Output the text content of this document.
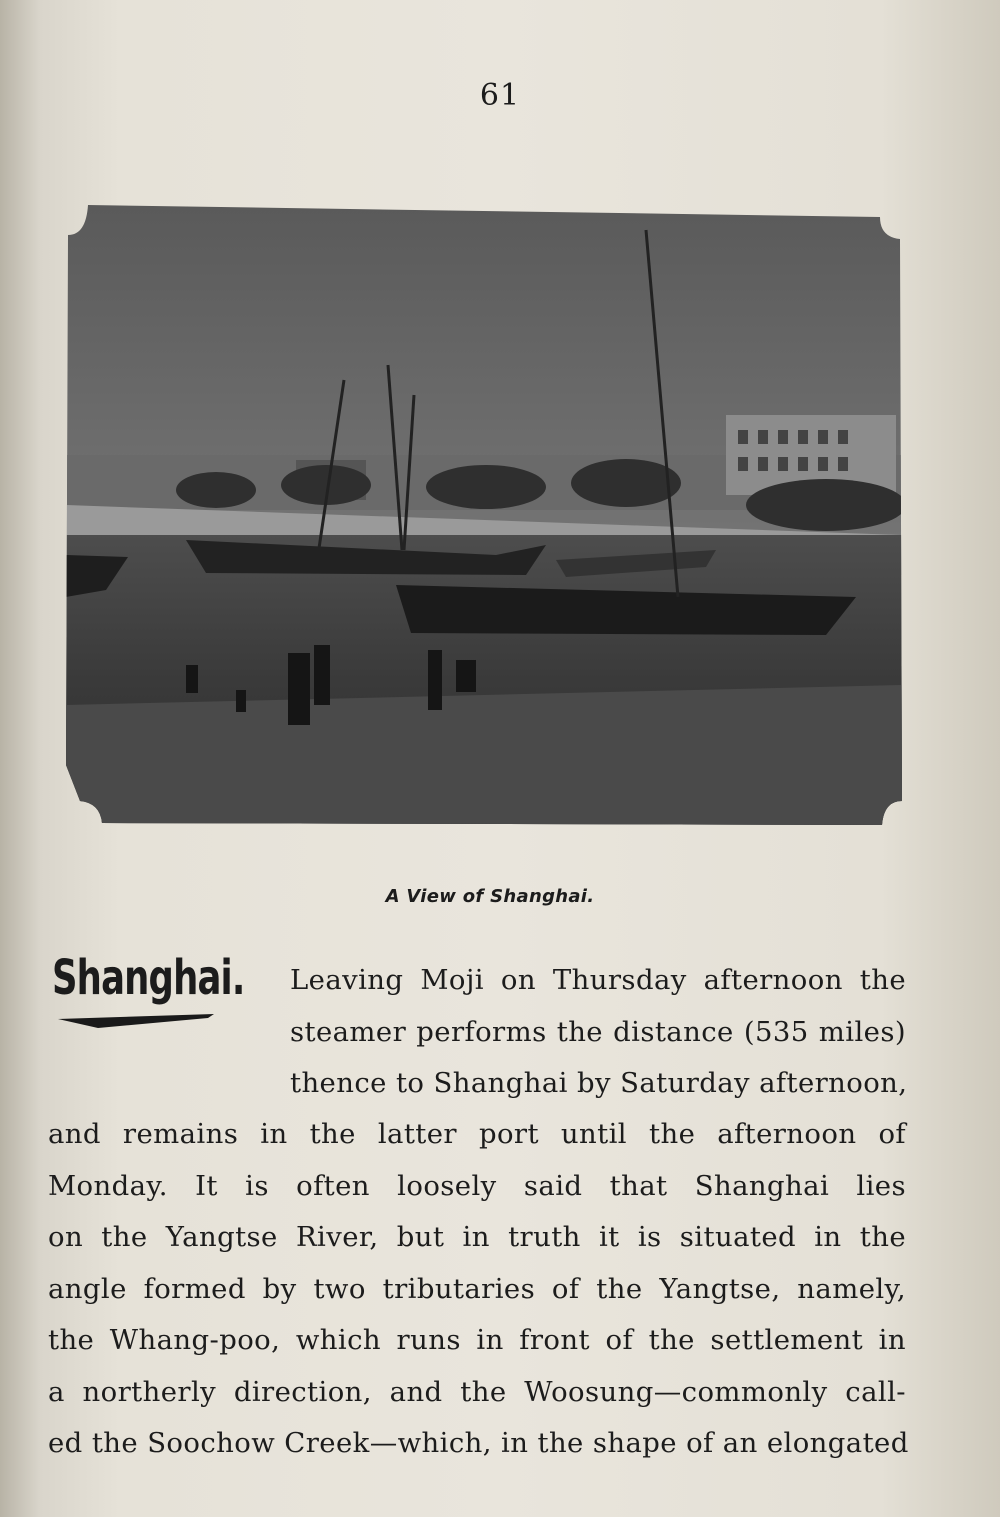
61
A View of Shanghai.
Shanghai. Leaving Moji on Thursday afternoon the
steamer performs the distance (535 miles)
thence to Shanghai by Saturday afternoon,
and remains in the latter port until the afternoon of
Monday. It is often loosely said that Shanghai lies
on the Yangtse River, but in truth it is situated in the
angle formed by two tributaries of the Yangtse, namely,
the Whang-poo, which runs in front of the settlement in
a northerly direction, and the Woosung—commonly call-
ed the Soochow Creek—which, in the shape of an elongated
